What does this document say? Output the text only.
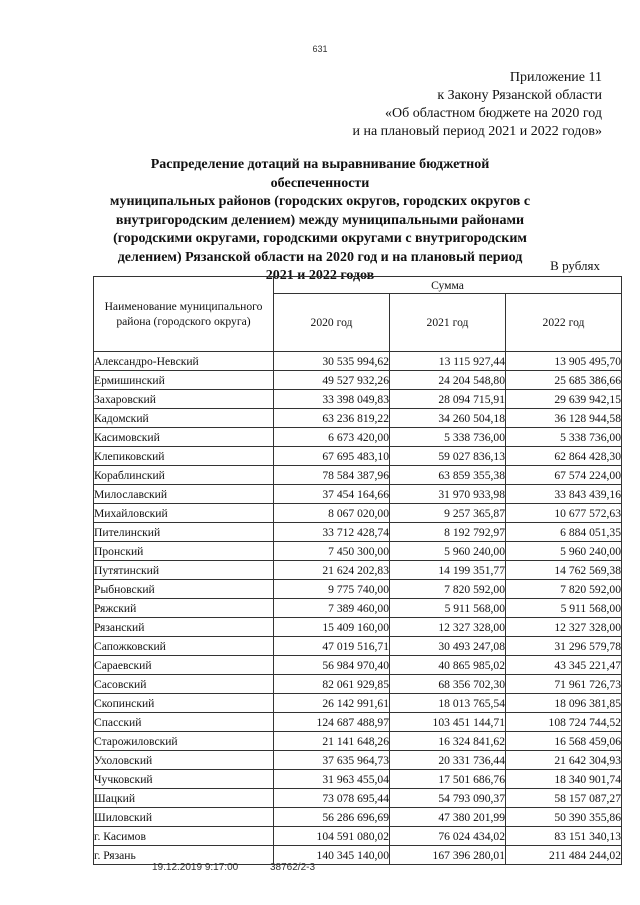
631
Приложение 11
к Закону Рязанской области
«Об областном бюджете на 2020 год
и на плановый период 2021 и 2022 годов»
Распределение дотаций на выравнивание бюджетной обеспеченности
муниципальных районов (городских округов, городских округов с
внутригородским делением) между муниципальными районами
(городскими округами, городскими округами с внутригородским
делением) Рязанской области на 2020 год и на плановый период
2021 и 2022 годов
В рублях
Наименование муниципального района (городского округа)	Сумма		
	2020 год	2021 год	2022 год
Александро-Невский	30 535 994,62	13 115 927,44	13 905 495,70
Ермишинский	49 527 932,26	24 204 548,80	25 685 386,66
Захаровский	33 398 049,83	28 094 715,91	29 639 942,15
Кадомский	63 236 819,22	34 260 504,18	36 128 944,58
Касимовский	6 673 420,00	5 338 736,00	5 338 736,00
Клепиковский	67 695 483,10	59 027 836,13	62 864 428,30
Кораблинский	78 584 387,96	63 859 355,38	67 574 224,00
Милославский	37 454 164,66	31 970 933,98	33 843 439,16
Михайловский	8 067 020,00	9 257 365,87	10 677 572,63
Пителинский	33 712 428,74	8 192 792,97	6 884 051,35
Пронский	7 450 300,00	5 960 240,00	5 960 240,00
Путятинский	21 624 202,83	14 199 351,77	14 762 569,38
Рыбновский	9 775 740,00	7 820 592,00	7 820 592,00
Ряжский	7 389 460,00	5 911 568,00	5 911 568,00
Рязанский	15 409 160,00	12 327 328,00	12 327 328,00
Сапожковский	47 019 516,71	30 493 247,08	31 296 579,78
Сараевский	56 984 970,40	40 865 985,02	43 345 221,47
Сасовский	82 061 929,85	68 356 702,30	71 961 726,73
Скопинский	26 142 991,61	18 013 765,54	18 096 381,85
Спасский	124 687 488,97	103 451 144,71	108 724 744,52
Старожиловский	21 141 648,26	16 324 841,62	16 568 459,06
Ухоловский	37 635 964,73	20 331 736,44	21 642 304,93
Чучковский	31 963 455,04	17 501 686,76	18 340 901,74
Шацкий	73 078 695,44	54 793 090,37	58 157 087,27
Шиловский	56 286 696,69	47 380 201,99	50 390 355,86
г. Касимов	104 591 080,02	76 024 434,02	83 151 340,13
г. Рязань	140 345 140,00	167 396 280,01	211 484 244,02
19.12.2019 9:17:00	38762/2-3
